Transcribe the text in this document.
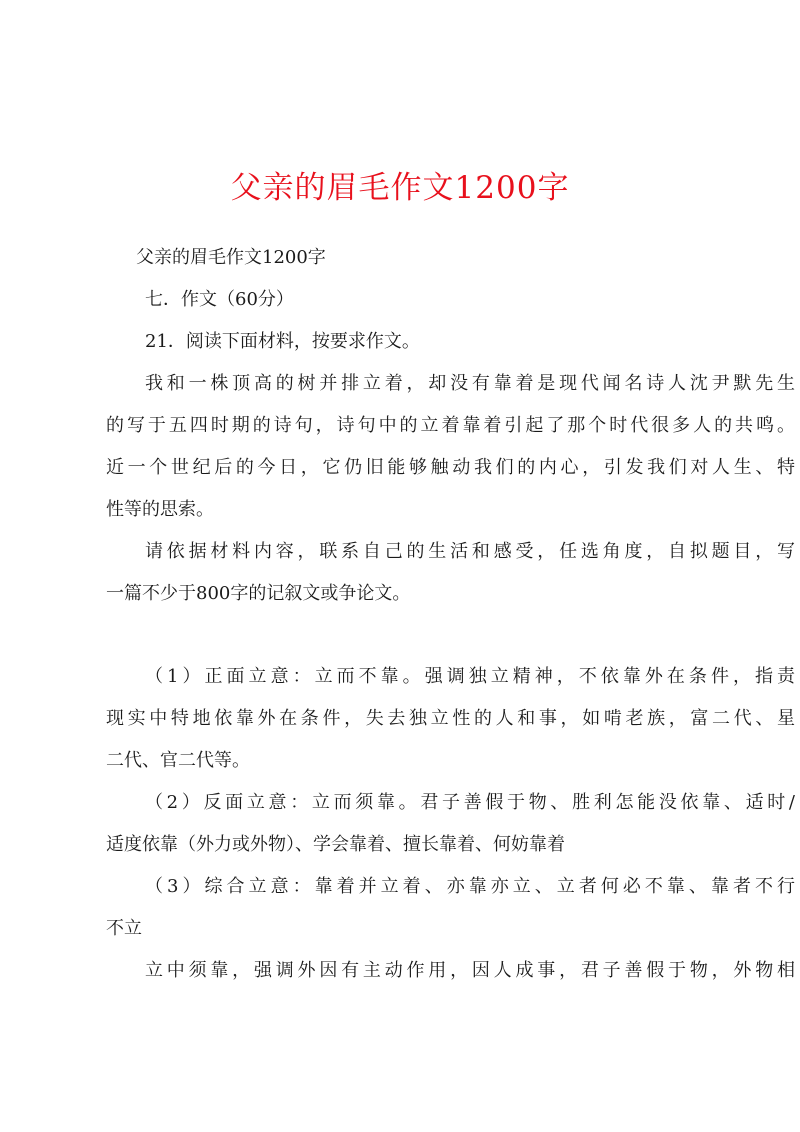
父亲的眉毛作文1200字
父亲的眉毛作文1200字
七．作文（60分）
21．阅读下面材料，按要求作文。
我和一株顶高的树并排立着，却没有靠着是现代闻名诗人沈尹默先生
的写于五四时期的诗句，诗句中的立着靠着引起了那个时代很多人的共鸣。
近一个世纪后的今日，它仍旧能够触动我们的内心，引发我们对人生、特
性等的思索。
请依据材料内容，联系自己的生活和感受，任选角度，自拟题目，写
一篇不少于800字的记叙文或争论文。
（1）正面立意：立而不靠。强调独立精神，不依靠外在条件，指责
现实中特地依靠外在条件，失去独立性的人和事，如啃老族，富二代、星
二代、官二代等。
（2）反面立意：立而须靠。君子善假于物、胜利怎能没依靠、适时/
适度依靠（外力或外物）、学会靠着、擅长靠着、何妨靠着
（3）综合立意：靠着并立着、亦靠亦立、立者何必不靠、靠者不行
不立
立中须靠，强调外因有主动作用，因人成事，君子善假于物，外物相
